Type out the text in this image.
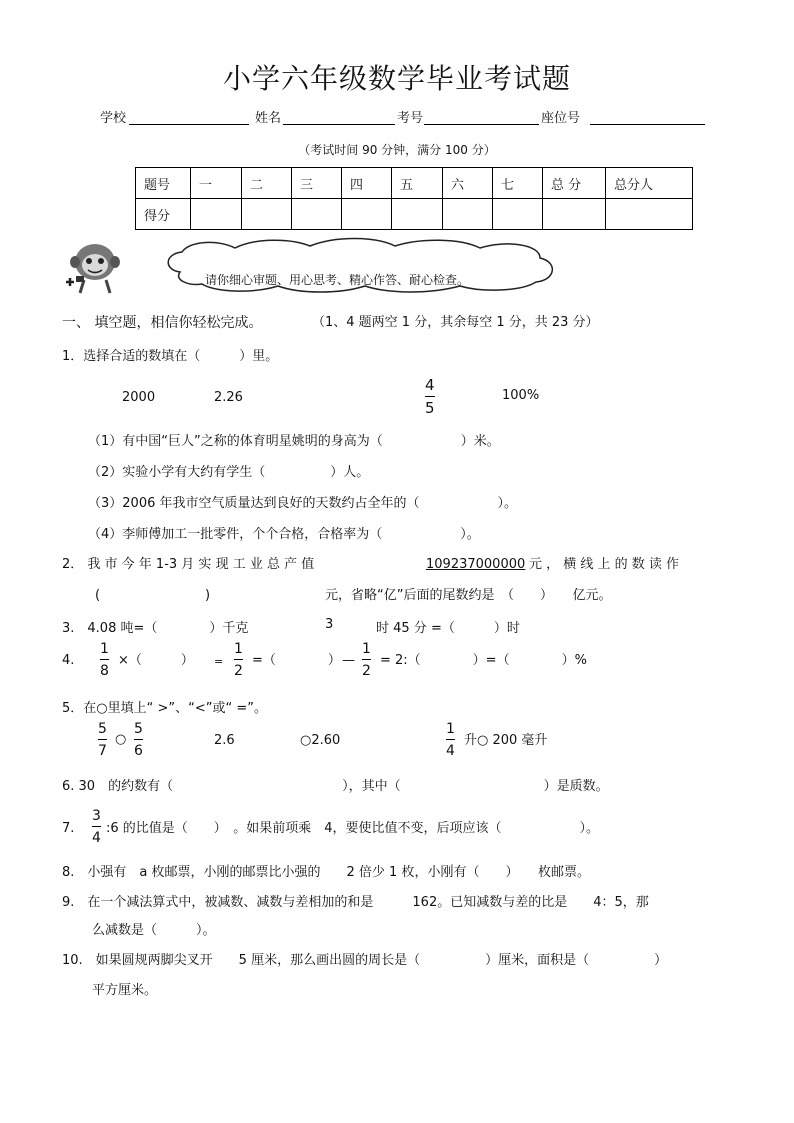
小学六年级数学毕业考试题
学校	姓名	考号	座位号
（考试时间 90 分钟，满分 100 分）
题号	一	二	三	四	五	六	七	总 分	总分人
得分									
请你细心审题、用心思考、精心作答、耐心检查。
一、 填空题，相信你轻松完成。	（1、4 题两空 1 分，其余每空 1 分，共 23 分）
1．选择合适的数填在（　　　）里。
2000	2.26	$\frac{4}{5}$	100%
（1）有中国“巨人”之称的体育明星姚明的身高为（　　　　　　）米。
（2）实验小学有大约有学生（　　　　　）人。
（3）2006 年我市空气质量达到良好的天数约占全年的（　　　　　　）。
（4）李师傅加工一批零件，个个合格，合格率为（　　　　　　）。
2． 我 市 今 年 1-3 月 实 现 工 业 总 产 值	109237000000 元 ， 横 线 上 的 数 读 作
(	)	元，省略“亿”后面的尾数约是　（　　）　　亿元。
3.　4.08 吨=（　　　　）千克	3	时 45 分 =（　　　）时
4. $\frac{1}{8}$ ×（　　　） = $\frac{1}{2}$ =（　　　　） — $\frac{1}{2}$ = 2:（　　　　）=（　　　　）%
5．在○里填上“ >”、“<”或“ =”。
$\frac{5}{7}$ ○ $\frac{5}{6}$	2.6	○2.60	$\frac{1}{4}$ 升○ 200 毫升
6. 30　的约数有（　　　　　　　　　　　　　），其中（　　　　　　　　　　　）是质数。
7. $\frac{3}{4}$ :6 的比值是（　　）　。如果前项乘　4，要使比值不变，后项应该（　　　　　　）。
8.　小强有　a 枚邮票，小刚的邮票比小强的　　2 倍少 1 枚，小刚有（　　）　　枚邮票。
9.　在一个减法算式中，被减数、减数与差相加的和是　　　162。已知减数与差的比是　　4：5，那
么减数是（　　　）。
10.　如果圆规两脚尖叉开　　5 厘米，那么画出圆的周长是（　　　　　）厘米，面积是（　　　　　）
平方厘米。
